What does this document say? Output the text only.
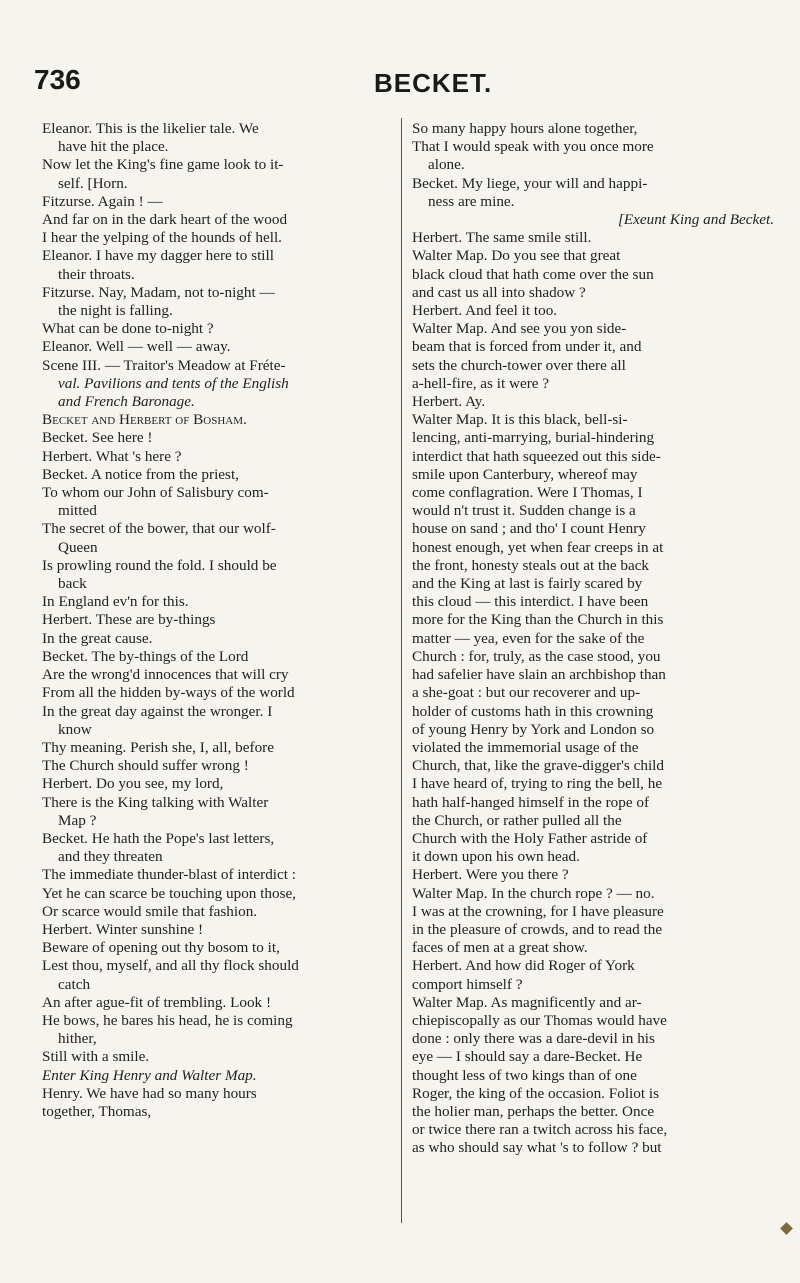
736	BECKET.

Eleanor. This is the likelier tale. We

have hit the place.

Now let the King's fine game look to it-

self. [Horn.

Fitzurse. Again ! —

And far on in the dark heart of the wood

I hear the yelping of the hounds of hell.

Eleanor. I have my dagger here to still

their throats.

Fitzurse. Nay, Madam, not to-night —

the night is falling.

What can be done to-night ?

Eleanor. Well — well — away.

Scene III. — Traitor's Meadow at Fréte-

val. Pavilions and tents of the English

and French Baronage.

Becket and Herbert of Bosham.

Becket. See here !

Herbert. What 's here ?

Becket. A notice from the priest,

To whom our John of Salisbury com-

mitted

The secret of the bower, that our wolf-

Queen

Is prowling round the fold. I should be

back

In England ev'n for this.

Herbert. These are by-things

In the great cause.

Becket. The by-things of the Lord

Are the wrong'd innocences that will cry

From all the hidden by-ways of the world

In the great day against the wronger. I

know

Thy meaning. Perish she, I, all, before

The Church should suffer wrong !

Herbert. Do you see, my lord,

There is the King talking with Walter

Map ?

Becket. He hath the Pope's last letters,

and they threaten

The immediate thunder-blast of interdict :

Yet he can scarce be touching upon those,

Or scarce would smile that fashion.

Herbert. Winter sunshine !

Beware of opening out thy bosom to it,

Lest thou, myself, and all thy flock should

catch

An after ague-fit of trembling. Look !

He bows, he bares his head, he is coming

hither,

Still with a smile.

Enter King Henry and Walter Map.

Henry. We have had so many hours

together, Thomas,

So many happy hours alone together,

That I would speak with you once more

alone.

Becket. My liege, your will and happi-

ness are mine.

[Exeunt King and Becket.

Herbert. The same smile still.

Walter Map. Do you see that great

black cloud that hath come over the sun

and cast us all into shadow ?

Herbert. And feel it too.

Walter Map. And see you yon side-

beam that is forced from under it, and

sets the church-tower over there all

a-hell-fire, as it were ?

Herbert. Ay.

Walter Map. It is this black, bell-si-

lencing, anti-marrying, burial-hindering

interdict that hath squeezed out this side-

smile upon Canterbury, whereof may

come conflagration. Were I Thomas, I

would n't trust it. Sudden change is a

house on sand ; and tho' I count Henry

honest enough, yet when fear creeps in at

the front, honesty steals out at the back

and the King at last is fairly scared by

this cloud — this interdict. I have been

more for the King than the Church in this

matter — yea, even for the sake of the

Church : for, truly, as the case stood, you

had safelier have slain an archbishop than

a she-goat : but our recoverer and up-

holder of customs hath in this crowning

of young Henry by York and London so

violated the immemorial usage of the

Church, that, like the grave-digger's child

I have heard of, trying to ring the bell, he

hath half-hanged himself in the rope of

the Church, or rather pulled all the

Church with the Holy Father astride of

it down upon his own head.

Herbert. Were you there ?

Walter Map. In the church rope ? — no.

I was at the crowning, for I have pleasure

in the pleasure of crowds, and to read the

faces of men at a great show.

Herbert. And how did Roger of York

comport himself ?

Walter Map. As magnificently and ar-

chiepiscopally as our Thomas would have

done : only there was a dare-devil in his

eye — I should say a dare-Becket. He

thought less of two kings than of one

Roger, the king of the occasion. Foliot is

the holier man, perhaps the better. Once

or twice there ran a twitch across his face,

as who should say what 's to follow ? but
